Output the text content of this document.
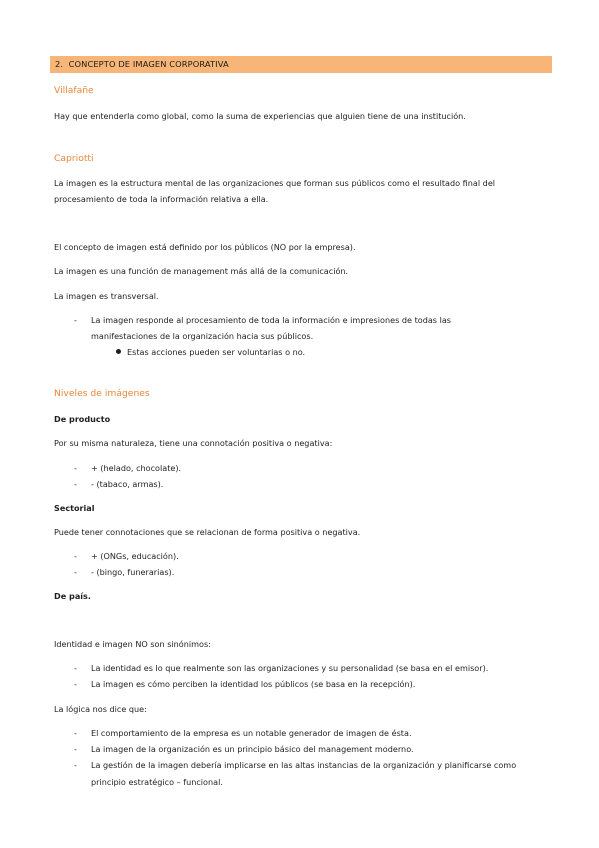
2. CONCEPTO DE IMAGEN CORPORATIVA
Villafañe
Hay que entenderla como global, como la suma de experiencias que alguien tiene de una institución.
Capriotti
La imagen es la estructura mental de las organizaciones que forman sus públicos como el resultado final del
procesamiento de toda la información relativa a ella.
El concepto de imagen está definido por los públicos (NO por la empresa).
La imagen es una función de management más allá de la comunicación.
La imagen es transversal.
- La imagen responde al procesamiento de toda la información e impresiones de todas las
manifestaciones de la organización hacia sus públicos.
Estas acciones pueden ser voluntarias o no.
Niveles de imágenes
De producto
Por su misma naturaleza, tiene una connotación positiva o negativa:
- + (helado, chocolate).
- - (tabaco, armas).
Sectorial
Puede tener connotaciones que se relacionan de forma positiva o negativa.
- + (ONGs, educación).
- - (bingo, funerarias).
De país.
Identidad e imagen NO son sinónimos:
- La identidad es lo que realmente son las organizaciones y su personalidad (se basa en el emisor).
- La imagen es cómo perciben la identidad los públicos (se basa en la recepción).
La lógica nos dice que:
- El comportamiento de la empresa es un notable generador de imagen de ésta.
- La imagen de la organización es un principio básico del management moderno.
- La gestión de la imagen debería implicarse en las altas instancias de la organización y planificarse como
principio estratégico – funcional.
